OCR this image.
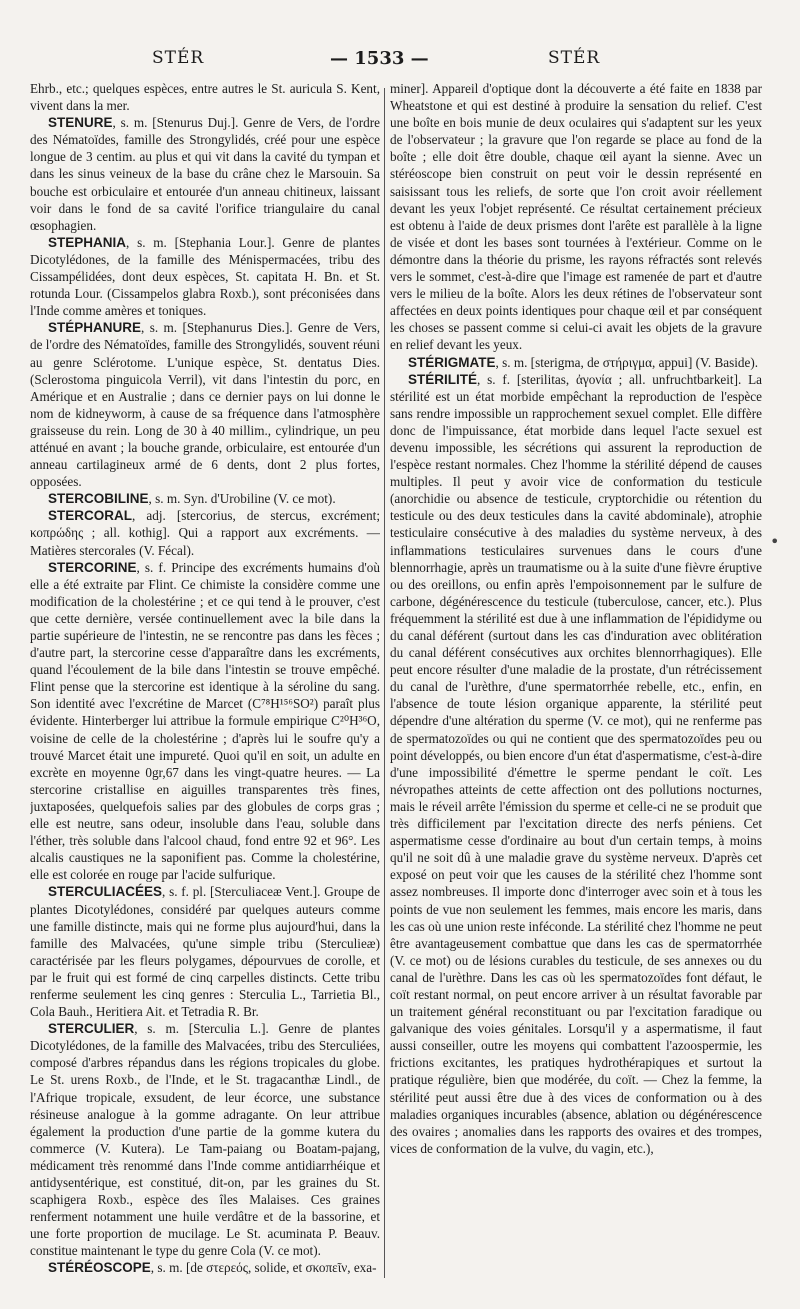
STÉR	— 1533 —	STÉR

Ehrb., etc.; quelques espèces, entre autres le St. auricula S. Kent, vivent dans la mer.

STENURE, s. m. [Stenurus Duj.]. Genre de Vers, de l'ordre des Nématoïdes, famille des Strongylidés, créé pour une espèce longue de 3 centim. au plus et qui vit dans la cavité du tympan et dans les sinus veineux de la base du crâne chez le Marsouin. Sa bouche est orbiculaire et entourée d'un anneau chitineux, laissant voir dans le fond de sa cavité l'orifice triangulaire du canal œsophagien.

STEPHANIA, s. m. [Stephania Lour.]. Genre de plantes Dicotylédones, de la famille des Ménispermacées, tribu des Cissampélidées, dont deux espèces, St. capitata H. Bn. et St. rotunda Lour. (Cissampelos glabra Roxb.), sont préconisées dans l'Inde comme amères et toniques.

STÉPHANURE, s. m. [Stephanurus Dies.]. Genre de Vers, de l'ordre des Nématoïdes, famille des Strongylidés, souvent réuni au genre Sclérotome. L'unique espèce, St. dentatus Dies. (Sclerostoma pinguicola Verril), vit dans l'intestin du porc, en Amérique et en Australie ; dans ce dernier pays on lui donne le nom de kidneyworm, à cause de sa fréquence dans l'atmosphère graisseuse du rein. Long de 30 à 40 millim., cylindrique, un peu atténué en avant ; la bouche grande, orbiculaire, est entourée d'un anneau cartilagineux armé de 6 dents, dont 2 plus fortes, opposées.

STERCOBILINE, s. m. Syn. d'Urobiline (V. ce mot).

STERCORAL, adj. [stercorius, de stercus, excrément; κοπρώδης ; all. kothig]. Qui a rapport aux excréments. — Matières stercorales (V. Fécal).

STERCORINE, s. f. Principe des excréments humains d'où elle a été extraite par Flint. Ce chimiste la considère comme une modification de la cholestérine ; et ce qui tend à le prouver, c'est que cette dernière, versée continuellement avec la bile dans la partie supérieure de l'intestin, ne se rencontre pas dans les fèces ; d'autre part, la stercorine cesse d'apparaître dans les excréments, quand l'écoulement de la bile dans l'intestin se trouve empêché. Flint pense que la stercorine est identique à la séroline du sang. Son identité avec l'excrétine de Marcet (C⁷⁸H¹⁵⁶SO²) paraît plus évidente. Hinterberger lui attribue la formule empirique C²⁰H³⁶O, voisine de celle de la cholestérine ; d'après lui le soufre qu'y a trouvé Marcet était une impureté. Quoi qu'il en soit, un adulte en excrète en moyenne 0gr,67 dans les vingt-quatre heures. — La stercorine cristallise en aiguilles transparentes très fines, juxtaposées, quelquefois salies par des globules de corps gras ; elle est neutre, sans odeur, insoluble dans l'eau, soluble dans l'éther, très soluble dans l'alcool chaud, fond entre 92 et 96°. Les alcalis caustiques ne la saponifient pas. Comme la cholestérine, elle est colorée en rouge par l'acide sulfurique.

STERCULIACÉES, s. f. pl. [Sterculiaceæ Vent.]. Groupe de plantes Dicotylédones, considéré par quelques auteurs comme une famille distincte, mais qui ne forme plus aujourd'hui, dans la famille des Malvacées, qu'une simple tribu (Sterculieæ) caractérisée par les fleurs polygames, dépourvues de corolle, et par le fruit qui est formé de cinq carpelles distincts. Cette tribu renferme seulement les cinq genres : Sterculia L., Tarrietia Bl., Cola Bauh., Heritiera Ait. et Tetradia R. Br.

STERCULIER, s. m. [Sterculia L.]. Genre de plantes Dicotylédones, de la famille des Malvacées, tribu des Sterculiées, composé d'arbres répandus dans les régions tropicales du globe. Le St. urens Roxb., de l'Inde, et le St. tragacanthæ Lindl., de l'Afrique tropicale, exsudent, de leur écorce, une substance résineuse analogue à la gomme adragante. On leur attribue également la production d'une partie de la gomme kutera du commerce (V. Kutera). Le Tam-paiang ou Boatam-pajang, médicament très renommé dans l'Inde comme antidiarrhéique et antidysentérique, est constitué, dit-on, par les graines du St. scaphigera Roxb., espèce des îles Malaises. Ces graines renferment notamment une huile verdâtre et de la bassorine, et une forte proportion de mucilage. Le St. acuminata P. Beauv. constitue maintenant le type du genre Cola (V. ce mot).

STÉRÉOSCOPE, s. m. [de στερεός, solide, et σκοπεῖν, exa-

miner]. Appareil d'optique dont la découverte a été faite en 1838 par Wheatstone et qui est destiné à produire la sensation du relief. C'est une boîte en bois munie de deux oculaires qui s'adaptent sur les yeux de l'observateur ; la gravure que l'on regarde se place au fond de la boîte ; elle doit être double, chaque œil ayant la sienne. Avec un stéréoscope bien construit on peut voir le dessin représenté en saisissant tous les reliefs, de sorte que l'on croit avoir réellement devant les yeux l'objet représenté. Ce résultat certainement précieux est obtenu à l'aide de deux prismes dont l'arête est parallèle à la ligne de visée et dont les bases sont tournées à l'extérieur. Comme on le démontre dans la théorie du prisme, les rayons réfractés sont relevés vers le sommet, c'est-à-dire que l'image est ramenée de part et d'autre vers le milieu de la boîte. Alors les deux rétines de l'observateur sont affectées en deux points identiques pour chaque œil et par conséquent les choses se passent comme si celui-ci avait les objets de la gravure en relief devant les yeux.

STÉRIGMATE, s. m. [sterigma, de στήριγμα, appui] (V. Baside).

STÉRILITÉ, s. f. [sterilitas, ἀγονία ; all. unfruchtbarkeit]. La stérilité est un état morbide empêchant la reproduction de l'espèce sans rendre impossible un rapprochement sexuel complet. Elle diffère donc de l'impuissance, état morbide dans lequel l'acte sexuel est devenu impossible, les sécrétions qui assurent la reproduction de l'espèce restant normales. Chez l'homme la stérilité dépend de causes multiples. Il peut y avoir vice de conformation du testicule (anorchidie ou absence de testicule, cryptorchidie ou rétention du testicule ou des deux testicules dans la cavité abdominale), atrophie testiculaire consécutive à des maladies du système nerveux, à des inflammations testiculaires survenues dans le cours d'une blennorrhagie, après un traumatisme ou à la suite d'une fièvre éruptive ou des oreillons, ou enfin après l'empoisonnement par le sulfure de carbone, dégénérescence du testicule (tuberculose, cancer, etc.). Plus fréquemment la stérilité est due à une inflammation de l'épididyme ou du canal déférent (surtout dans les cas d'induration avec oblitération du canal déférent consécutives aux orchites blennorrhagiques). Elle peut encore résulter d'une maladie de la prostate, d'un rétrécissement du canal de l'urèthre, d'une spermatorrhée rebelle, etc., enfin, en l'absence de toute lésion organique apparente, la stérilité peut dépendre d'une altération du sperme (V. ce mot), qui ne renferme pas de spermatozoïdes ou qui ne contient que des spermatozoïdes peu ou point développés, ou bien encore d'un état d'aspermatisme, c'est-à-dire d'une impossibilité d'émettre le sperme pendant le coït. Les névropathes atteints de cette affection ont des pollutions nocturnes, mais le réveil arrête l'émission du sperme et celle-ci ne se produit que très difficilement par l'excitation directe des nerfs péniens. Cet aspermatisme cesse d'ordinaire au bout d'un certain temps, à moins qu'il ne soit dû à une maladie grave du système nerveux. D'après cet exposé on peut voir que les causes de la stérilité chez l'homme sont assez nombreuses. Il importe donc d'interroger avec soin et à tous les points de vue non seulement les femmes, mais encore les maris, dans les cas où une union reste inféconde. La stérilité chez l'homme ne peut être avantageusement combattue que dans les cas de spermatorrhée (V. ce mot) ou de lésions curables du testicule, de ses annexes ou du canal de l'urèthre. Dans les cas où les spermatozoïdes font défaut, le coït restant normal, on peut encore arriver à un résultat favorable par un traitement général reconstituant ou par l'excitation faradique ou galvanique des voies génitales. Lorsqu'il y a aspermatisme, il faut aussi conseiller, outre les moyens qui combattent l'azoospermie, les frictions excitantes, les pratiques hydrothérapiques et surtout la pratique régulière, bien que modérée, du coït. — Chez la femme, la stérilité peut aussi être due à des vices de conformation ou à des maladies organiques incurables (absence, ablation ou dégénérescence des ovaires ; anomalies dans les rapports des ovaires et des trompes, vices de conformation de la vulve, du vagin, etc.),

•
